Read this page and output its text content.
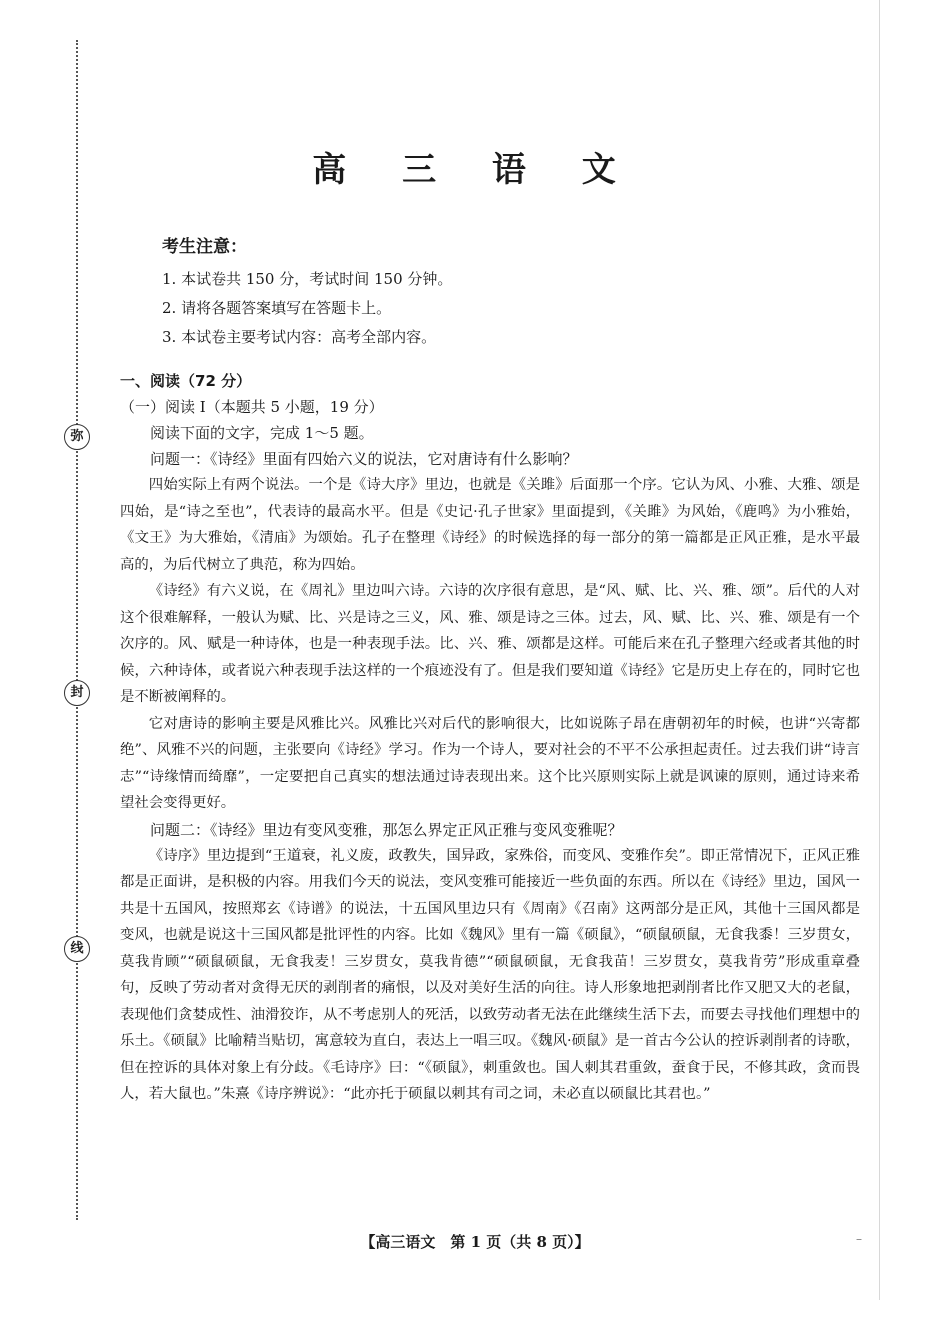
弥
封
线
高 三 语 文
考生注意：
1. 本试卷共 150 分，考试时间 150 分钟。
2. 请将各题答案填写在答题卡上。
3. 本试卷主要考试内容：高考全部内容。
一、阅读（72 分）
（一）阅读 Ⅰ（本题共 5 小题，19 分）
阅读下面的文字，完成 1～5 题。
问题一：《诗经》里面有四始六义的说法，它对唐诗有什么影响？

四始实际上有两个说法。一个是《诗大序》里边，也就是《关雎》后面那一个序。它认为风、小雅、大雅、颂是四始，是“诗之至也”，代表诗的最高水平。但是《史记·孔子世家》里面提到，《关雎》为风始，《鹿鸣》为小雅始，《文王》为大雅始，《清庙》为颂始。孔子在整理《诗经》的时候选择的每一部分的第一篇都是正风正雅，是水平最高的，为后代树立了典范，称为四始。

《诗经》有六义说，在《周礼》里边叫六诗。六诗的次序很有意思，是“风、赋、比、兴、雅、颂”。后代的人对这个很难解释，一般认为赋、比、兴是诗之三义，风、雅、颂是诗之三体。过去，风、赋、比、兴、雅、颂是有一个次序的。风、赋是一种诗体，也是一种表现手法。比、兴、雅、颂都是这样。可能后来在孔子整理六经或者其他的时候，六种诗体，或者说六种表现手法这样的一个痕迹没有了。但是我们要知道《诗经》它是历史上存在的，同时它也是不断被阐释的。

它对唐诗的影响主要是风雅比兴。风雅比兴对后代的影响很大，比如说陈子昂在唐朝初年的时候，也讲“兴寄都绝”、风雅不兴的问题，主张要向《诗经》学习。作为一个诗人，要对社会的不平不公承担起责任。过去我们讲“诗言志”“诗缘情而绮靡”，一定要把自己真实的想法通过诗表现出来。这个比兴原则实际上就是讽谏的原则，通过诗来希望社会变得更好。

问题二：《诗经》里边有变风变雅，那怎么界定正风正雅与变风变雅呢？

《诗序》里边提到“王道衰，礼义废，政教失，国异政，家殊俗，而变风、变雅作矣”。即正常情况下，正风正雅都是正面讲，是积极的内容。用我们今天的说法，变风变雅可能接近一些负面的东西。所以在《诗经》里边，国风一共是十五国风，按照郑玄《诗谱》的说法，十五国风里边只有《周南》《召南》这两部分是正风，其他十三国风都是变风，也就是说这十三国风都是批评性的内容。比如《魏风》里有一篇《硕鼠》，“硕鼠硕鼠，无食我黍！三岁贯女，莫我肯顾”“硕鼠硕鼠，无食我麦！三岁贯女，莫我肯德”“硕鼠硕鼠，无食我苗！三岁贯女，莫我肯劳”形成重章叠句，反映了劳动者对贪得无厌的剥削者的痛恨，以及对美好生活的向往。诗人形象地把剥削者比作又肥又大的老鼠，表现他们贪婪成性、油滑狡诈，从不考虑别人的死活，以致劳动者无法在此继续生活下去，而要去寻找他们理想中的乐土。《硕鼠》比喻精当贴切，寓意较为直白，表达上一唱三叹。《魏风·硕鼠》是一首古今公认的控诉剥削者的诗歌，但在控诉的具体对象上有分歧。《毛诗序》曰：“《硕鼠》，刺重敛也。国人刺其君重敛，蚕食于民，不修其政，贪而畏人，若大鼠也。”朱熹《诗序辨说》：“此亦托于硕鼠以刺其有司之词，未必直以硕鼠比其君也。”

【高三语文　第 1 页（共 8 页）】	–
